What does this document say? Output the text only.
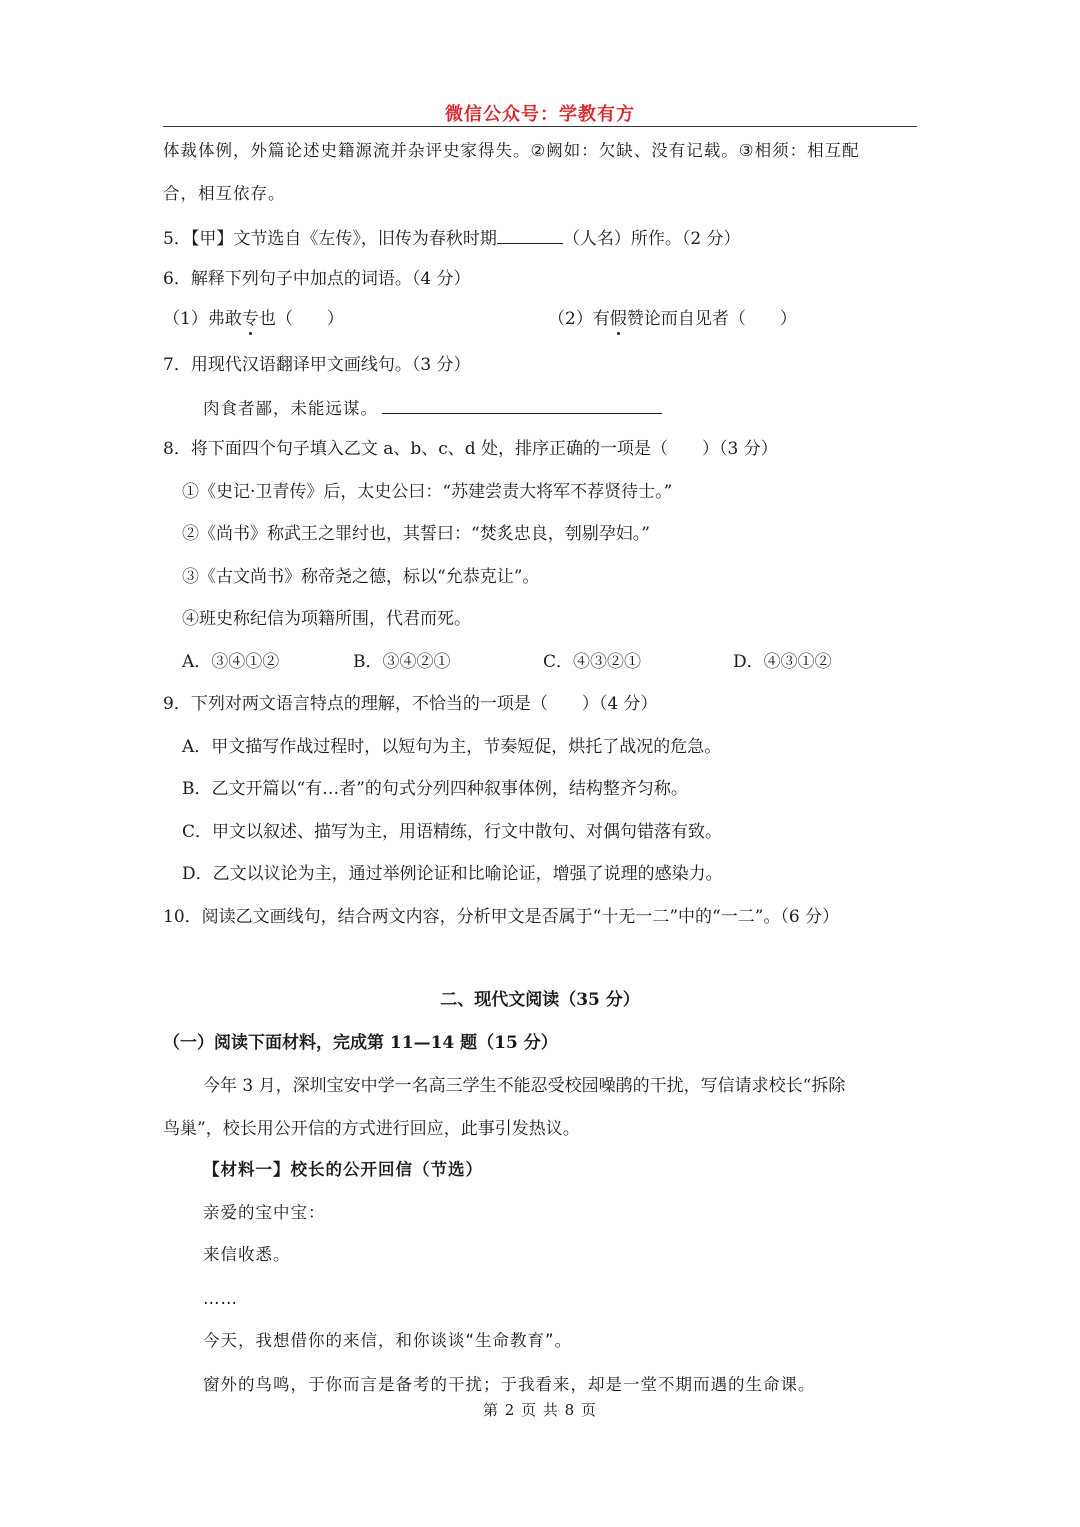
微信公众号：学教有方
体裁体例，外篇论述史籍源流并杂评史家得失。②阙如：欠缺、没有记载。③相须：相互配
合，相互依存。
5．【甲】文节选自《左传》，旧传为春秋时期	（人名）所作。（2 分）
6．解释下列句子中加点的词语。（4 分）
（1）弗敢专也（　　）	（2）有假赞论而自见者（　　）
7．用现代汉语翻译甲文画线句。（3 分）
肉食者鄙，未能远谋。
8．将下面四个句子填入乙文 a、b、c、d 处，排序正确的一项是（　　）（3 分）
①《史记·卫青传》后，太史公曰：“苏建尝责大将军不荐贤待士。”
②《尚书》称武王之罪纣也，其誓曰：“焚炙忠良，刳剔孕妇。”
③《古文尚书》称帝尧之德，标以“允恭克让”。
④班史称纪信为项籍所围，代君而死。
A．③④①②	B．③④②①	C．④③②①	D．④③①②
9．下列对两文语言特点的理解，不恰当的一项是（　　）（4 分）
A．甲文描写作战过程时，以短句为主，节奏短促，烘托了战况的危急。
B．乙文开篇以“有…者”的句式分列四种叙事体例，结构整齐匀称。
C．甲文以叙述、描写为主，用语精练，行文中散句、对偶句错落有致。
D．乙文以议论为主，通过举例论证和比喻论证，增强了说理的感染力。
10．阅读乙文画线句，结合两文内容，分析甲文是否属于“十无一二”中的“一二”。（6 分）
二、现代文阅读（35 分）
（一）阅读下面材料，完成第 11—14 题（15 分）
今年 3 月，深圳宝安中学一名高三学生不能忍受校园噪鹃的干扰，写信请求校长“拆除
鸟巢”，校长用公开信的方式进行回应，此事引发热议。
【材料一】校长的公开回信（节选）
亲爱的宝中宝：
来信收悉。
……
今天，我想借你的来信，和你谈谈“生命教育”。
窗外的鸟鸣，于你而言是备考的干扰；于我看来，却是一堂不期而遇的生命课。
第 2 页 共 8 页
